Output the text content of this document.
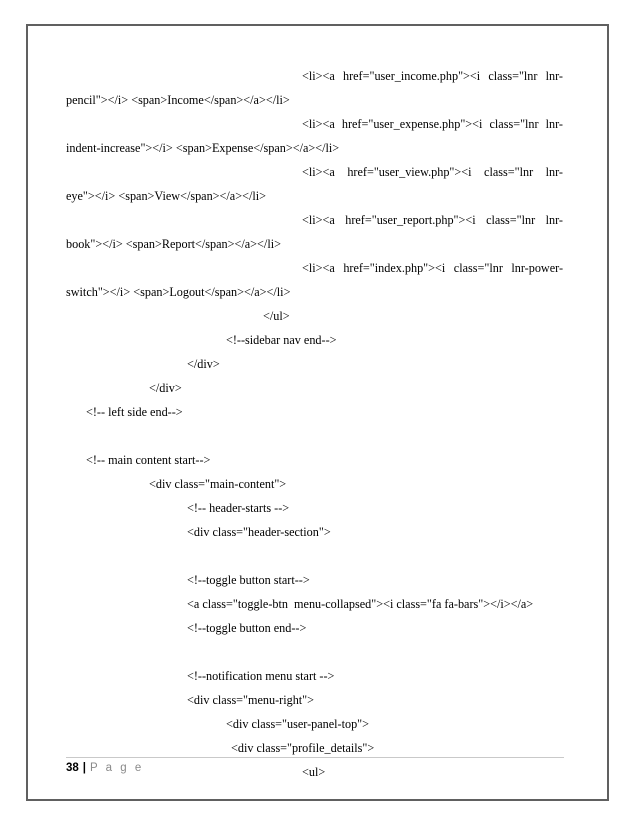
<li><a href="user_income.php"><i class="lnr lnr-
pencil"></i> <span>Income</span></a></li>
<li><a href="user_expense.php"><i class="lnr lnr-
indent-increase"></i> <span>Expense</span></a></li>
<li><a href="user_view.php"><i class="lnr lnr-
eye"></i> <span>View</span></a></li>
<li><a href="user_report.php"><i class="lnr lnr-
book"></i> <span>Report</span></a></li>
<li><a href="index.php"><i class="lnr lnr-power-
switch"></i> <span>Logout</span></a></li>
</ul>
<!--sidebar nav end-->
</div>
</div>
<!-- left side end-->
<!-- main content start-->
<div class="main-content">
<!-- header-starts -->
<div class="header-section">
<!--toggle button start-->
<a class="toggle-btn  menu-collapsed"><i class="fa fa-bars"></i></a>
<!--toggle button end-->
<!--notification menu start -->
<div class="menu-right">
<div class="user-panel-top">
<div class="profile_details">
<ul>
38 | P a g e
